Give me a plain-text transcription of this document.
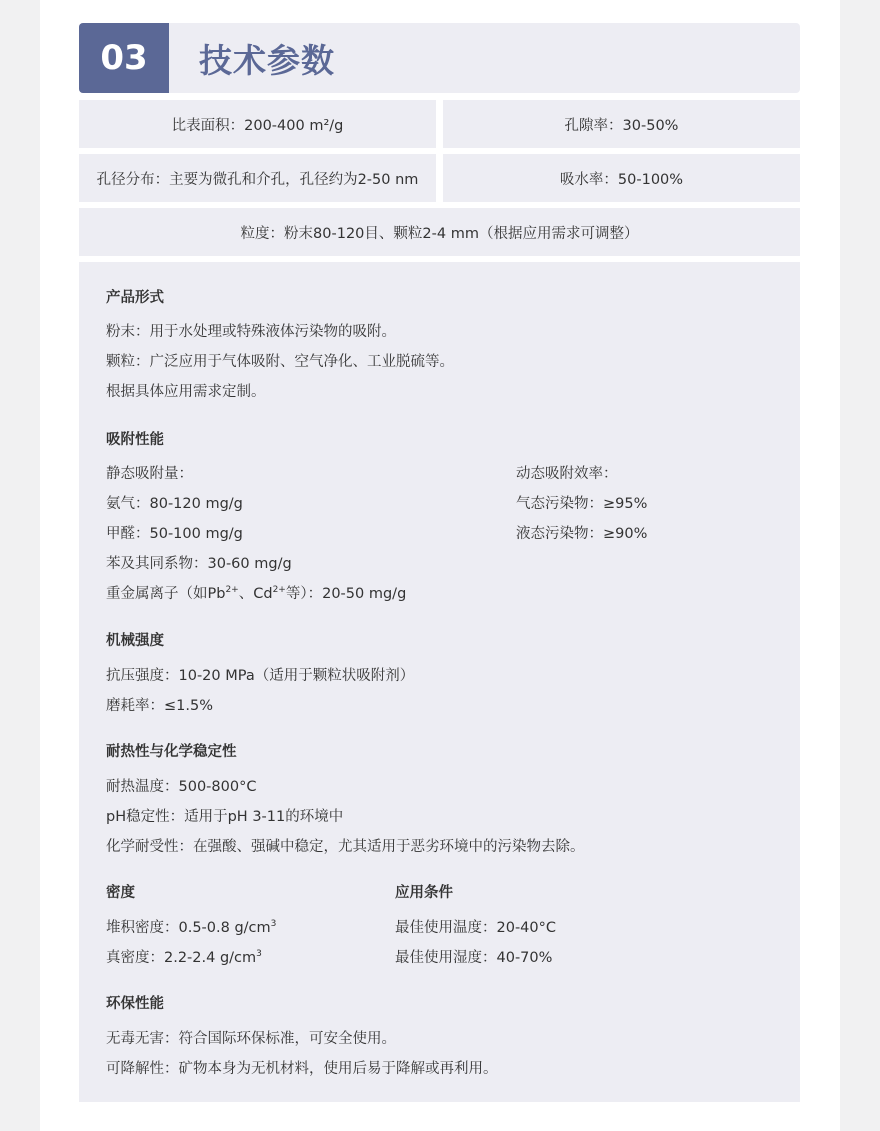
03	技术参数
比表面积：200-400 m²/g	孔隙率：30-50%
孔径分布：主要为微孔和介孔，孔径约为2-50 nm	吸水率：50-100%
粒度：粉末80-120目、颗粒2-4 mm（根据应用需求可调整）
产品形式
粉末：用于水处理或特殊液体污染物的吸附。
颗粒：广泛应用于气体吸附、空气净化、工业脱硫等。
根据具体应用需求定制。
吸附性能
静态吸附量：
氨气：80-120 mg/g
甲醛：50-100 mg/g
苯及其同系物：30-60 mg/g
重金属离子（如$Pb^{2+}$、$Cd^{2+}$等）：20-50 mg/g
动态吸附效率：
气态污染物：≥95%
液态污染物：≥90%
机械强度
抗压强度：10-20 MPa（适用于颗粒状吸附剂）
磨耗率：≤1.5%
耐热性与化学稳定性
耐热温度：500-800°C
pH稳定性：适用于pH 3-11的环境中
化学耐受性：在强酸、强碱中稳定，尤其适用于恶劣环境中的污染物去除。
密度
堆积密度：0.5-0.8 $g/cm^3$
真密度：2.2-2.4 $g/cm^3$
应用条件
最佳使用温度：20-40°C
最佳使用湿度：40-70%
环保性能
无毒无害：符合国际环保标准，可安全使用。
可降解性：矿物本身为无机材料，使用后易于降解或再利用。
